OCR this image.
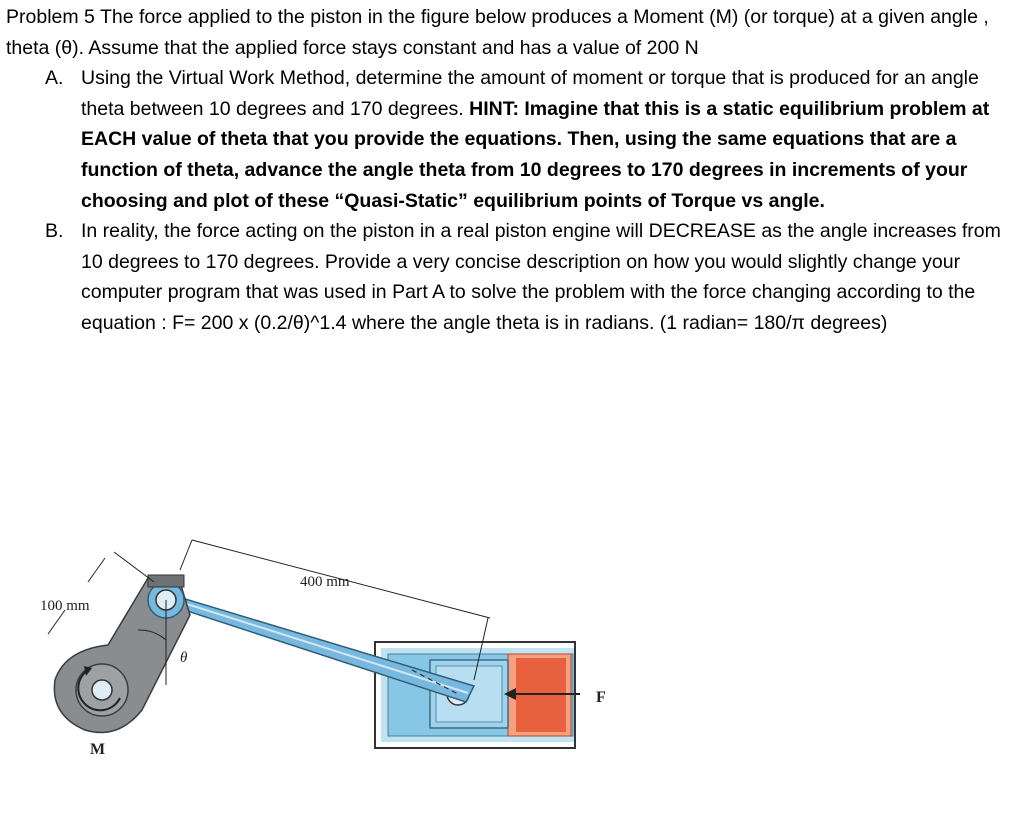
Problem 5 The force applied to the piston in the figure below produces a Moment (M) (or torque) at a given angle , theta (θ). Assume that the applied force stays constant and has a value of 200 N

A. Using the Virtual Work Method, determine the amount of moment or torque that is produced for an angle theta between 10 degrees and 170 degrees. HINT: Imagine that this is a static equilibrium problem at EACH value of theta that you provide the equations. Then, using the same equations that are a function of theta, advance the angle theta from 10 degrees to 170 degrees in increments of your choosing and plot of these “Quasi-Static” equilibrium points of Torque vs angle.
B. In reality, the force acting on the piston in a real piston engine will DECREASE as the angle increases from 10 degrees to 170 degrees. Provide a very concise description on how you would slightly change your computer program that was used in Part A to solve the problem with the force changing according to the equation : F= 200 x (0.2/θ)^1.4 where the angle theta is in radians. (1 radian= 180/π degrees)
100 mm
400 mm
θ
M
F
